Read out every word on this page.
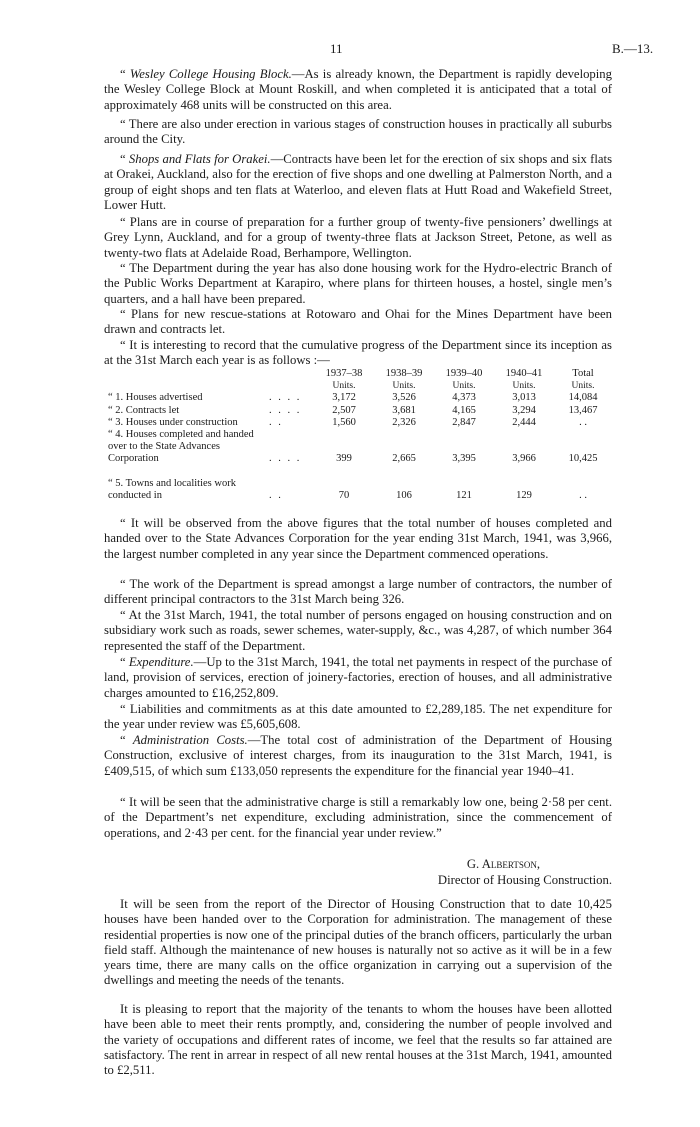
11	B.—13.

“ Wesley College Housing Block.—As is already known, the Department is rapidly developing the Wesley College Block at Mount Roskill, and when completed it is anticipated that a total of approximately 468 units will be constructed on this area.

“ There are also under erection in various stages of construction houses in practically all suburbs around the City.

“ Shops and Flats for Orakei.—Contracts have been let for the erection of six shops and six flats at Orakei, Auckland, also for the erection of five shops and one dwelling at Palmerston North, and a group of eight shops and ten flats at Waterloo, and eleven flats at Hutt Road and Wakefield Street, Lower Hutt.

“ Plans are in course of preparation for a further group of twenty-five pensioners’ dwellings at Grey Lynn, Auckland, and for a group of twenty-three flats at Jackson Street, Petone, as well as twenty-two flats at Adelaide Road, Berhampore, Wellington.

“ The Department during the year has also done housing work for the Hydro-electric Branch of the Public Works Department at Karapiro, where plans for thirteen houses, a hostel, single men’s quarters, and a hall have been prepared.

“ Plans for new rescue-stations at Rotowaro and Ohai for the Mines Department have been drawn and contracts let.

“ It is interesting to record that the cumulative progress of the Department since its inception as at the 31st March each year is as follows :—

		1937–38	1938–39	1939–40	1940–41	Total
		Units.	Units.	Units.	Units.	Units.
“ 1. Houses advertised	. . . .	3,172	3,526	4,373	3,013	14,084
“ 2. Contracts let	. . . .	2,507	3,681	4,165	3,294	13,467
“ 3. Houses under construction	. .	1,560	2,326	2,847	2,444	. .
“ 4. Houses completed and handed over to the State Advances Corporation	. . . .	399	2,665	3,395	3,966	10,425

“ 5. Towns and localities work conducted in	. .	70	106	121	129	. .

“ It will be observed from the above figures that the total number of houses completed and handed over to the State Advances Corporation for the year ending 31st March, 1941, was 3,966, the largest number completed in any year since the Department commenced operations.

“ The work of the Department is spread amongst a large number of contractors, the number of different principal contractors to the 31st March being 326.

“ At the 31st March, 1941, the total number of persons engaged on housing construction and on subsidiary work such as roads, sewer schemes, water-supply, &c., was 4,287, of which number 364 represented the staff of the Department.

“ Expenditure.—Up to the 31st March, 1941, the total net payments in respect of the purchase of land, provision of services, erection of joinery-factories, erection of houses, and all administrative charges amounted to £16,252,809.

“ Liabilities and commitments as at this date amounted to £2,289,185. The net expenditure for the year under review was £5,605,608.

“ Administration Costs.—The total cost of administration of the Department of Housing Construction, exclusive of interest charges, from its inauguration to the 31st March, 1941, is £409,515, of which sum £133,050 represents the expenditure for the financial year 1940–41.

“ It will be seen that the administrative charge is still a remarkably low one, being 2·58 per cent. of the Department’s net expenditure, excluding administration, since the commencement of operations, and 2·43 per cent. for the financial year under review.”

G. Albertson,
Director of Housing Construction.

It will be seen from the report of the Director of Housing Construction that to date 10,425 houses have been handed over to the Corporation for administration. The management of these residential properties is now one of the principal duties of the branch officers, particularly the urban field staff. Although the maintenance of new houses is naturally not so active as it will be in a few years time, there are many calls on the office organization in carrying out a supervision of the dwellings and meeting the needs of the tenants.

It is pleasing to report that the majority of the tenants to whom the houses have been allotted have been able to meet their rents promptly, and, considering the number of people involved and the variety of occupations and different rates of income, we feel that the results so far attained are satisfactory. The rent in arrear in respect of all new rental houses at the 31st March, 1941, amounted to £2,511.
